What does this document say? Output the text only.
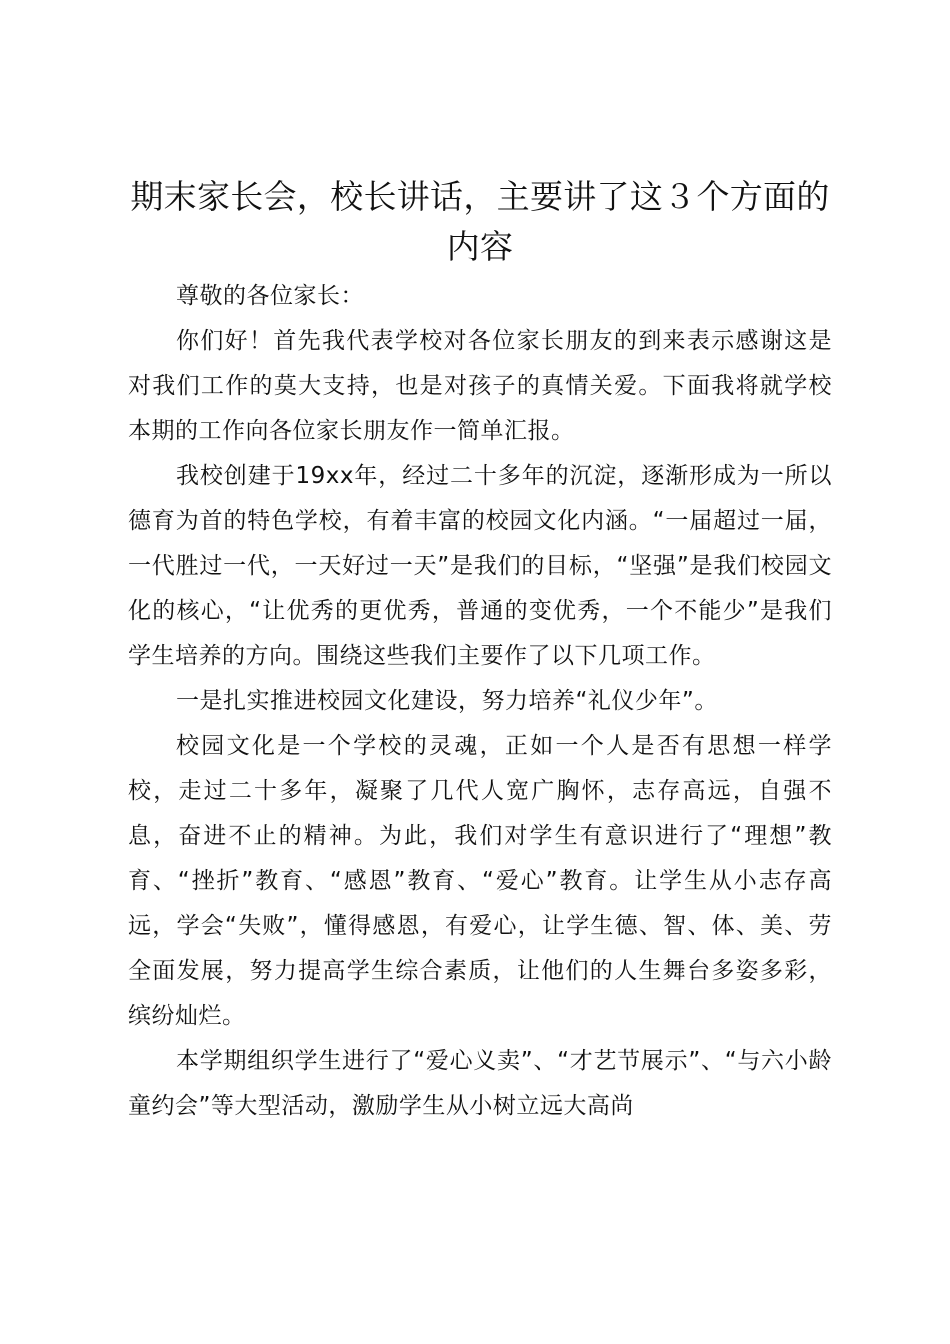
期末家长会，校长讲话，主要讲了这３个方面的内容

尊敬的各位家长：

你们好！首先我代表学校对各位家长朋友的到来表示感谢这是对我们工作的莫大支持，也是对孩子的真情关爱。下面我将就学校本期的工作向各位家长朋友作一简单汇报。

我校创建于19xx年，经过二十多年的沉淀，逐渐形成为一所以德育为首的特色学校，有着丰富的校园文化内涵。“一届超过一届，一代胜过一代，一天好过一天”是我们的目标，“坚强”是我们校园文化的核心，“让优秀的更优秀，普通的变优秀，一个不能少”是我们学生培养的方向。围绕这些我们主要作了以下几项工作。

一是扎实推进校园文化建设，努力培养“礼仪少年”。

校园文化是一个学校的灵魂，正如一个人是否有思想一样学校，走过二十多年，凝聚了几代人宽广胸怀，志存高远，自强不息，奋进不止的精神。为此，我们对学生有意识进行了“理想”教育、“挫折”教育、“感恩”教育、“爱心”教育。让学生从小志存高远，学会“失败”，懂得感恩，有爱心，让学生德、智、体、美、劳全面发展，努力提高学生综合素质，让他们的人生舞台多姿多彩，缤纷灿烂。

本学期组织学生进行了“爱心义卖”、“才艺节展示”、“与六小龄童约会”等大型活动，激励学生从小树立远大高尚
